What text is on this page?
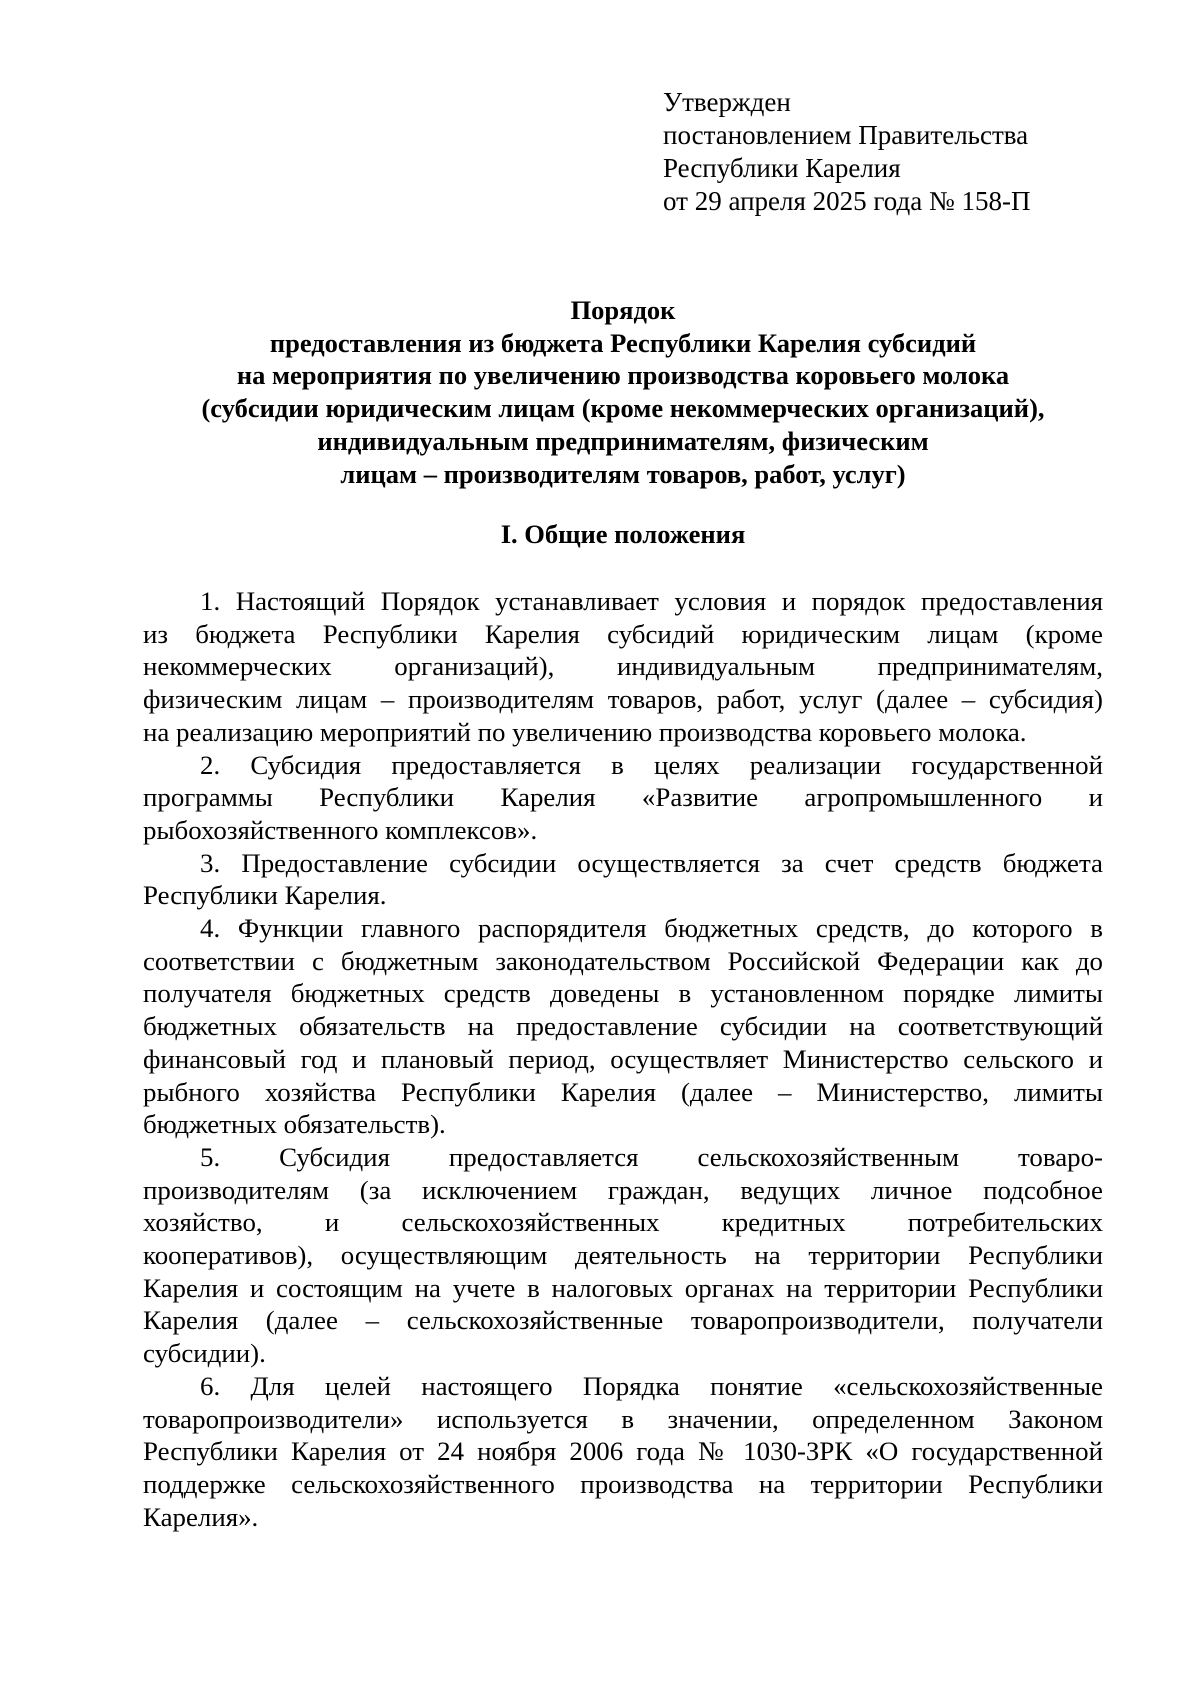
Утвержден
постановлением Правительства
Республики Карелия
от 29 апреля 2025 года № 158-П
Порядок
предоставления из бюджета Республики Карелия субсидий
на мероприятия по увеличению производства коровьего молока
(субсидии юридическим лицам (кроме некоммерческих организаций),
индивидуальным предпринимателям, физическим
лицам – производителям товаров, работ, услуг)
I. Общие положения
1. Настоящий Порядок устанавливает условия и порядок предоставления
из бюджета Республики Карелия субсидий юридическим лицам (кроме
некоммерческих организаций), индивидуальным предпринимателям,
физическим лицам – производителям товаров, работ, услуг (далее – субсидия)
на реализацию мероприятий по увеличению производства коровьего молока.
2. Субсидия предоставляется в целях реализации государственной
программы Республики Карелия «Развитие агропромышленного и
рыбохозяйственного комплексов».
3. Предоставление субсидии осуществляется за счет средств бюджета
Республики Карелия.
4. Функции главного распорядителя бюджетных средств, до которого в
соответствии с бюджетным законодательством Российской Федерации как до
получателя бюджетных средств доведены в установленном порядке лимиты
бюджетных обязательств на предоставление субсидии на соответствующий
финансовый год и плановый период, осуществляет Министерство сельского и
рыбного хозяйства Республики Карелия (далее – Министерство, лимиты
бюджетных обязательств).
5. Субсидия предоставляется сельскохозяйственным товаро-
производителям (за исключением граждан, ведущих личное подсобное
хозяйство, и сельскохозяйственных кредитных потребительских
кооперативов), осуществляющим деятельность на территории Республики
Карелия и состоящим на учете в налоговых органах на территории Республики
Карелия (далее – сельскохозяйственные товаропроизводители, получатели
субсидии).
6. Для целей настоящего Порядка понятие «сельскохозяйственные
товаропроизводители» используется в значении, определенном Законом
Республики Карелия от 24 ноября 2006 года № 1030-ЗРК «О государственной
поддержке сельскохозяйственного производства на территории Республики
Карелия».
